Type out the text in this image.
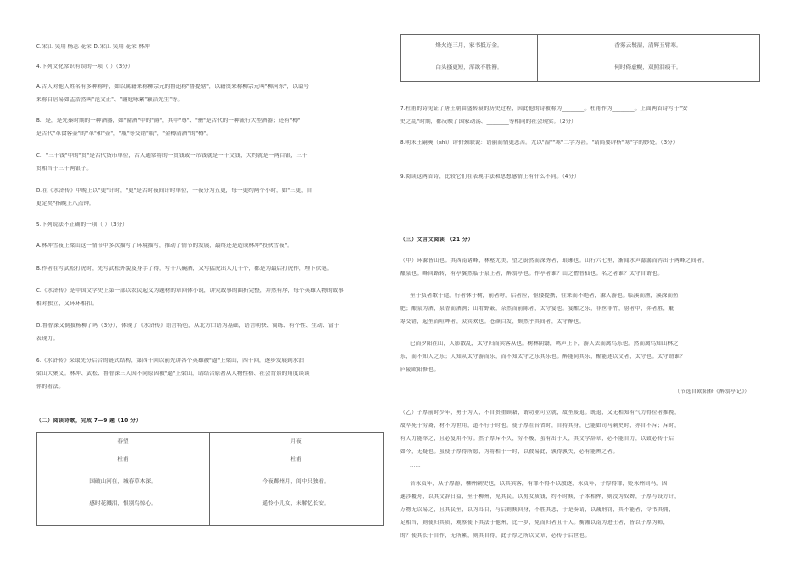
C.宋江 吴用 杨志 花荣 D.宋江 吴用 花荣 林冲
4.下列文化常识有误的一项（ ）（3分）
A.古人对他人姓名有多种称呼，如以属籍来称柳宗元的鲁迅称"鲁提辖"，以籍贯来称柳宗元叫"柳河东"，以谥号
来称白居易如孟浩然叫"范文正"、"谢庭咏絮"颖洁先生"等。
B．是，是先秦时期的一种酒器，如"窗酒"中的"爵"，其中"尊"、"罍"是古代的一种流行大型酒器；还有"樽"
是古代"革食客壶"的"革"和"壶"，"瓶"等交错"瓶"，"金樽清酒"的"樽"。
C．"三千钱"中的"贯"是古代货币单位，古人通常将的一贯钱或一吊钱就是一千文钱，大约就是一两白银，三千
贯相当于三千两银子。
D.在《水浒传》中晚上以"更"计时，"更"是古时夜间计时单位，一夜分为五更，每一更约两个小时，如"三更，自
更定矣"指晚上八点钟。
5.下列说法不正确的一项（ ）（3分）
A.林冲雪夜上梁山这一情节中多次描写了环境描写，推动了情节的发展，最终还是造成林冲"投伙雪夜"。
B.作者在写武松打虎时，先写武松外貌及身手了得，写十八碗酒，又写猛虎出人几十个，都是为最后打虎作，埋下伏笔。
C.《水浒传》是中国文学史上第一部以农民起义为题材的章回体小说，讲究故事的曲折完整，并然有序，每个英雄人物的故事
相对独立，又环环相扣。
D.鲁智深又倒拔杨柳了吗（3分），体现了《水浒传》语言特色，从北方口语为基础，语言明快、简练、有个性、生动、富于
表现力。
6.《水浒传》采取先分后合的链式结构，第四十回以前先讲各个英雄被"逼"上梁山，四十回，逐步发展到水泊
梁山大聚义。林冲、武松、鲁智深三人因不同原因被"逼"上梁山，请结合原著从人物性格、社会背景的角度谈谈
你的看法。
（二）阅读诗歌，完成 7—9 题（10 分）
春望
杜甫
国破山河在，城春草木深。
感时花溅泪，恨别鸟惊心。
月夜
杜甫
今夜鄜州月，闺中只独看。
遥怜小儿女，未解忆长安。
烽火连三月，家书抵万金。
白头搔更短，浑欲不胜簪。
香雾云鬟湿，清辉玉臂寒。
何时倚虚幌，双照泪痕干。
7.杜甫的诗见证了唐王朝由盛转衰的历史过程，因此他的诗被称为________。杜甫作为________。上面两首诗写于"安
史之乱"时期，都反映了国家动荡、________等相同的社会现实。（2分）
8.明末王嗣奭（shì）评价颈联说：语丽而情更悲苦。尤以"湿""寒"二字为甚。"请简要评析"寒"字的妙处。（3分）
9.阅读这两首诗，比较它们在表现手法和思想感情上有什么不同。（4分）
（三）文言文阅读 （21 分）
（甲）环滁皆山也。其西南诸峰，林壑尤美，望之蔚然而深秀者，琅琊也。山行六七里，渐闻水声潺潺而泻出于两峰之间者，
酿泉也。峰回路转，有亭翼然临于泉上者，醉翁亭也。作亭者谁？山之僧智仙也。名之者谁？太守自谓也。
至于负者歌于途，行者休于树，前者呼，后者应，伛偻提携，往来而不绝者，滁人游也。临溪而渔，溪深而鱼
肥；酿泉为酒，泉香而酒洌；山肴野蔌，杂然而前陈者，太守宴也。宴酣之乐，非丝非竹，射者中，弈者胜，觥
筹交错，起坐而喧哗者，众宾欢也。苍颜白发，颓然乎其间者，太守醉也。
已而夕阳在山，人影散乱，太守归而宾客从也。树林阴翳，鸣声上下，游人去而禽鸟乐也。然而禽鸟知山林之
乐，而不知人之乐；人知从太守游而乐，而不知太守之乐其乐也。醉能同其乐，醒能述以文者，太守也。太守谓谁？
庐陵欧阳修也。
（节选自欧阳修《醉翁亭记》）
（乙）子厚前时少年，勇于为人，不自贵重顾藉，谓功业可立就，故坐废退。既退，又无相知有气力得位者推挽，
故卒死于穷裔，材不为世用，道不行于时也。使子厚在台省时，自持其身，已能如司马刺史时，亦自不斥；斥时，
有人力能举之，且必复用不穷。然子厚斥不久，穷不极，虽有出于人，其文学辞章，必不能自力，以致必传于后
如今，无疑也。虽使子厚得所愿，为将相于一时，以彼易此，孰得孰失，必有能辨之者。
......
昔永贞年，从子厚游，柳州刺史也，以其宾客，有罪不得不以放逐，永贞年，子厚得罪，贬永州司马，因
遂涉覆舟，以其文辞日益，至于柳州，见其民。以男女质钱，约不时赎，子本相侔，则没为奴婢，子厚与设方计，
万物无以易之，且其民至，以为耳目，与后则赎回身，不胜其悲，于是奏请，以减刑罚，其不能者，令书其佣，
足相当，则使归其质，观察使下其法于他州，比一岁，免而归者且千人。衡湘以南为进士者，皆以子厚为师，
的？使其长于自作，无所累，则其自得，此子厚之所以文章，必传于后世也。
